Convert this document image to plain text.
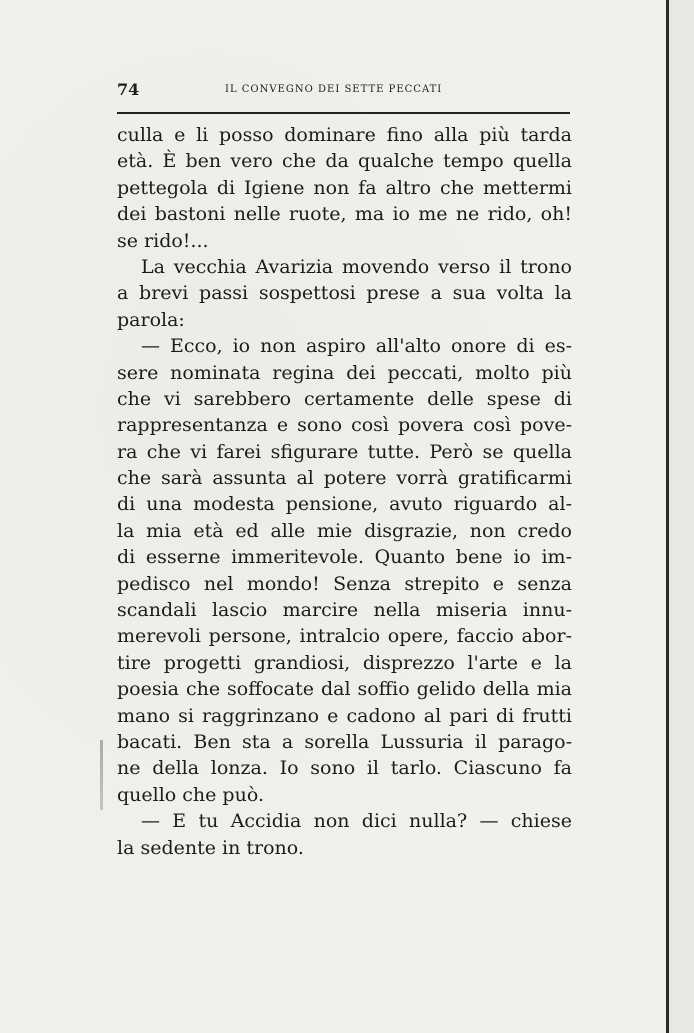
74	IL CONVEGNO DEI SETTE PECCATI
culla e li posso dominare fino alla più tarda
età. È ben vero che da qualche tempo quella
pettegola di Igiene non fa altro che mettermi
dei bastoni nelle ruote, ma io me ne rido, oh!
se rido!...
La vecchia Avarizia movendo verso il trono
a brevi passi sospettosi prese a sua volta la
parola:
— Ecco, io non aspiro all'alto onore di es-
sere nominata regina dei peccati, molto più
che vi sarebbero certamente delle spese di
rappresentanza e sono così povera così pove-
ra che vi farei sfigurare tutte. Però se quella
che sarà assunta al potere vorrà gratificarmi
di una modesta pensione, avuto riguardo al-
la mia età ed alle mie disgrazie, non credo
di esserne immeritevole. Quanto bene io im-
pedisco nel mondo! Senza strepito e senza
scandali lascio marcire nella miseria innu-
merevoli persone, intralcio opere, faccio abor-
tire progetti grandiosi, disprezzo l'arte e la
poesia che soffocate dal soffio gelido della mia
mano si raggrinzano e cadono al pari di frutti
bacati. Ben sta a sorella Lussuria il parago-
ne della lonza. Io sono il tarlo. Ciascuno fa
quello che può.
— E tu Accidia non dici nulla? — chiese
la sedente in trono.
